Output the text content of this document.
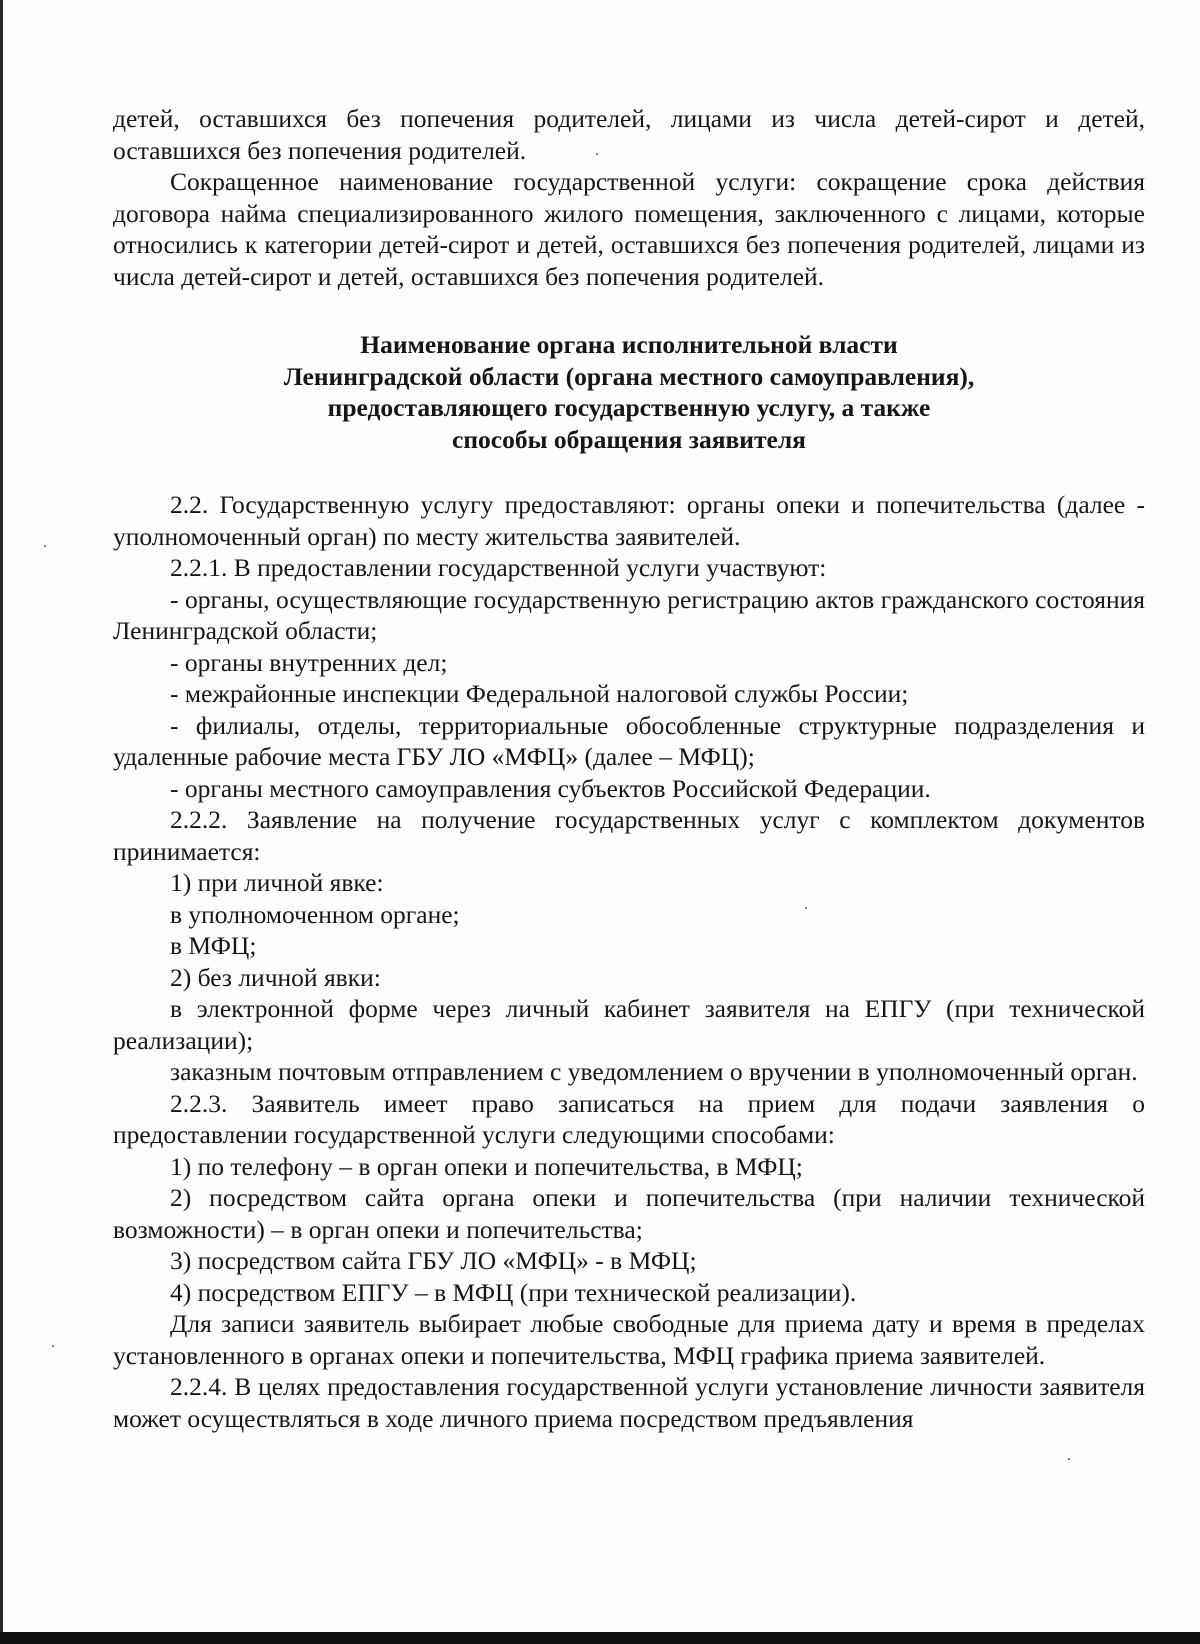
детей, оставшихся без попечения родителей, лицами из числа детей-сирот и детей, оставшихся без попечения родителей.

Сокращенное наименование государственной услуги: сокращение срока действия договора найма специализированного жилого помещения, заключенного с лицами, которые относились к категории детей-сирот и детей, оставшихся без попечения родителей, лицами из числа детей-сирот и детей, оставшихся без попечения родителей.

Наименование органа исполнительной власти
Ленинградской области (органа местного самоуправления),
предоставляющего государственную услугу, а также
способы обращения заявителя

2.2. Государственную услугу предоставляют: органы опеки и попечительства (далее - уполномоченный орган) по месту жительства заявителей.

2.2.1. В предоставлении государственной услуги участвуют:

- органы, осуществляющие государственную регистрацию актов гражданского состояния Ленинградской области;

- органы внутренних дел;

- межрайонные инспекции Федеральной налоговой службы России;

- филиалы, отделы, территориальные обособленные структурные подразделения и удаленные рабочие места ГБУ ЛО «МФЦ» (далее – МФЦ);

- органы местного самоуправления субъектов Российской Федерации.

2.2.2. Заявление на получение государственных услуг с комплектом документов принимается:

1) при личной явке:

в уполномоченном органе;

в МФЦ;

2) без личной явки:

в электронной форме через личный кабинет заявителя на ЕПГУ (при технической реализации);

заказным почтовым отправлением с уведомлением о вручении в уполномоченный орган.

2.2.3. Заявитель имеет право записаться на прием для подачи заявления о предоставлении государственной услуги следующими способами:

1) по телефону – в орган опеки и попечительства, в МФЦ;

2) посредством сайта органа опеки и попечительства (при наличии технической возможности) – в орган опеки и попечительства;

3) посредством сайта ГБУ ЛО «МФЦ» - в МФЦ;

4) посредством ЕПГУ – в МФЦ (при технической реализации).

Для записи заявитель выбирает любые свободные для приема дату и время в пределах установленного в органах опеки и попечительства, МФЦ графика приема заявителей.

2.2.4. В целях предоставления государственной услуги установление личности заявителя может осуществляться в ходе личного приема посредством предъявления
